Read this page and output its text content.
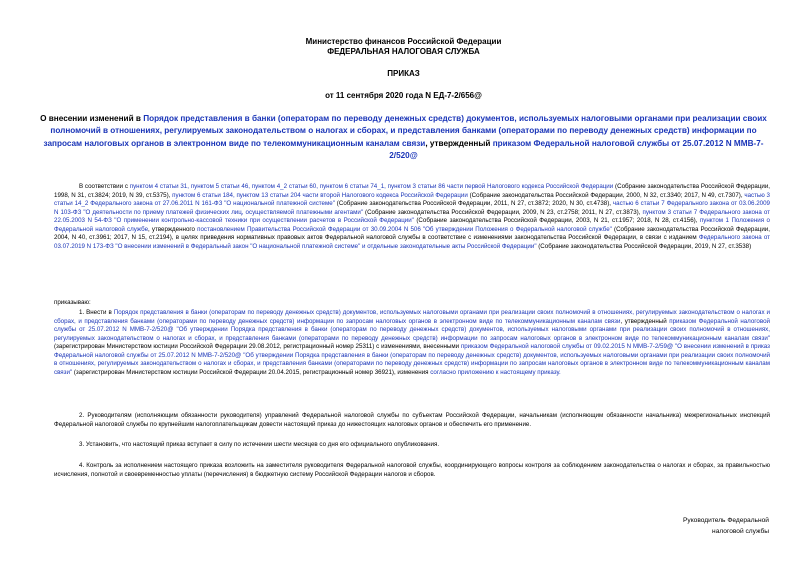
Министерство финансов Российской Федерации
ФЕДЕРАЛЬНАЯ НАЛОГОВАЯ СЛУЖБА
ПРИКАЗ
от 11 сентября 2020 года N ЕД-7-2/656@
О внесении изменений в Порядок представления в банки (операторам по переводу денежных средств) документов, используемых налоговыми органами при реализации своих полномочий в отношениях, регулируемых законодательством о налогах и сборах, и представления банками (операторами по переводу денежных средств) информации по запросам налоговых органов в электронном виде по телекоммуникационным каналам связи, утвержденный приказом Федеральной налоговой службы от 25.07.2012 N ММВ-7-2/520@
В соответствии с пунктом 4 статьи 31, пунктом 5 статьи 46, пунктом 4_2 статьи 60, пунктом 6 статьи 74_1, пунктом 3 статьи 86 части первой Налогового кодекса Российской Федерации (Собрание законодательства Российской Федерации, 1998, N 31, ст.3824; 2019, N 39, ст.5375), пунктом 6 статьи 184, пунктом 13 статьи 204 части второй Налогового кодекса Российской Федерации (Собрание законодательства Российской Федерации, 2000, N 32, ст.3340; 2017, N 49, ст.7307), частью 3 статьи 14_2 Федерального закона от 27.06.2011 N 161-ФЗ "О национальной платежной системе" (Собрание законодательства Российской Федерации, 2011, N 27, ст.3872; 2020, N 30, ст.4738), частью 6 статьи 7 Федерального закона от 03.06.2009 N 103-ФЗ "О деятельности по приему платежей физических лиц, осуществляемой платежными агентами" (Собрание законодательства Российской Федерации, 2009, N 23, ст.2758; 2011, N 27, ст.3873), пунктом 3 статьи 7 Федерального закона от 22.05.2003 N 54-ФЗ "О применении контрольно-кассовой техники при осуществлении расчетов в Российской Федерации" (Собрание законодательства Российской Федерации, 2003, N 21, ст.1957; 2018, N 28, ст.4156), пунктом 1 Положения о Федеральной налоговой службе, утвержденного постановлением Правительства Российской Федерации от 30.09.2004 N 506 "Об утверждении Положения о Федеральной налоговой службе" (Собрание законодательства Российской Федерации, 2004, N 40, ст.3961; 2017, N 15, ст.2194), в целях приведения нормативных правовых актов Федеральной налоговой службы в соответствие с изменениями законодательства Российской Федерации, в связи с изданием Федерального закона от 03.07.2019 N 173-ФЗ "О внесении изменений в Федеральный закон "О национальной платежной системе" и отдельные законодательные акты Российской Федерации" (Собрание законодательства Российской Федерации, 2019, N 27, ст.3538)
приказываю:
1. Внести в Порядок представления в банки (операторам по переводу денежных средств) документов, используемых налоговыми органами при реализации своих полномочий в отношениях, регулируемых законодательством о налогах и сборах, и представления банками (операторами по переводу денежных средств) информации по запросам налоговых органов в электронном виде по телекоммуникационным каналам связи, утвержденный приказом Федеральной налоговой службы от 25.07.2012 N ММВ-7-2/520@ "Об утверждении Порядка представления в банки (операторам по переводу денежных средств) документов, используемых налоговыми органами при реализации своих полномочий в отношениях, регулируемых законодательством о налогах и сборах, и представления банками (операторами по переводу денежных средств) информации по запросам налоговых органов в электронном виде по телекоммуникационным каналам связи" (зарегистрирован Министерством юстиции Российской Федерации 29.08.2012, регистрационный номер 25311) с изменениями, внесенными приказом Федеральной налоговой службы от 09.02.2015 N ММВ-7-2/59@ "О внесении изменений в приказ Федеральной налоговой службы от 25.07.2012 N ММВ-7-2/520@ "Об утверждении Порядка представления в банки (операторам по переводу денежных средств) документов, используемых налоговыми органами при реализации своих полномочий в отношениях, регулируемых законодательством о налогах и сборах, и представления банками (операторами по переводу денежных средств) информации по запросам налоговых органов в электронном виде по телекоммуникационным каналам связи" (зарегистрирован Министерством юстиции Российской Федерации 20.04.2015, регистрационный номер 36921), изменения согласно приложению к настоящему приказу.
2. Руководителям (исполняющим обязанности руководителя) управлений Федеральной налоговой службы по субъектам Российской Федерации, начальникам (исполняющим обязанности начальника) межрегиональных инспекций Федеральной налоговой службы по крупнейшим налогоплательщикам довести настоящий приказ до нижестоящих налоговых органов и обеспечить его применение.
3. Установить, что настоящий приказ вступает в силу по истечении шести месяцев со дня его официального опубликования.
4. Контроль за исполнением настоящего приказа возложить на заместителя руководителя Федеральной налоговой службы, координирующего вопросы контроля за соблюдением законодательства о налогах и сборах, за правильностью исчисления, полнотой и своевременностью уплаты (перечисления) в бюджетную систему Российской Федерации налогов и сборов.
Руководитель Федеральной
налоговой службы
